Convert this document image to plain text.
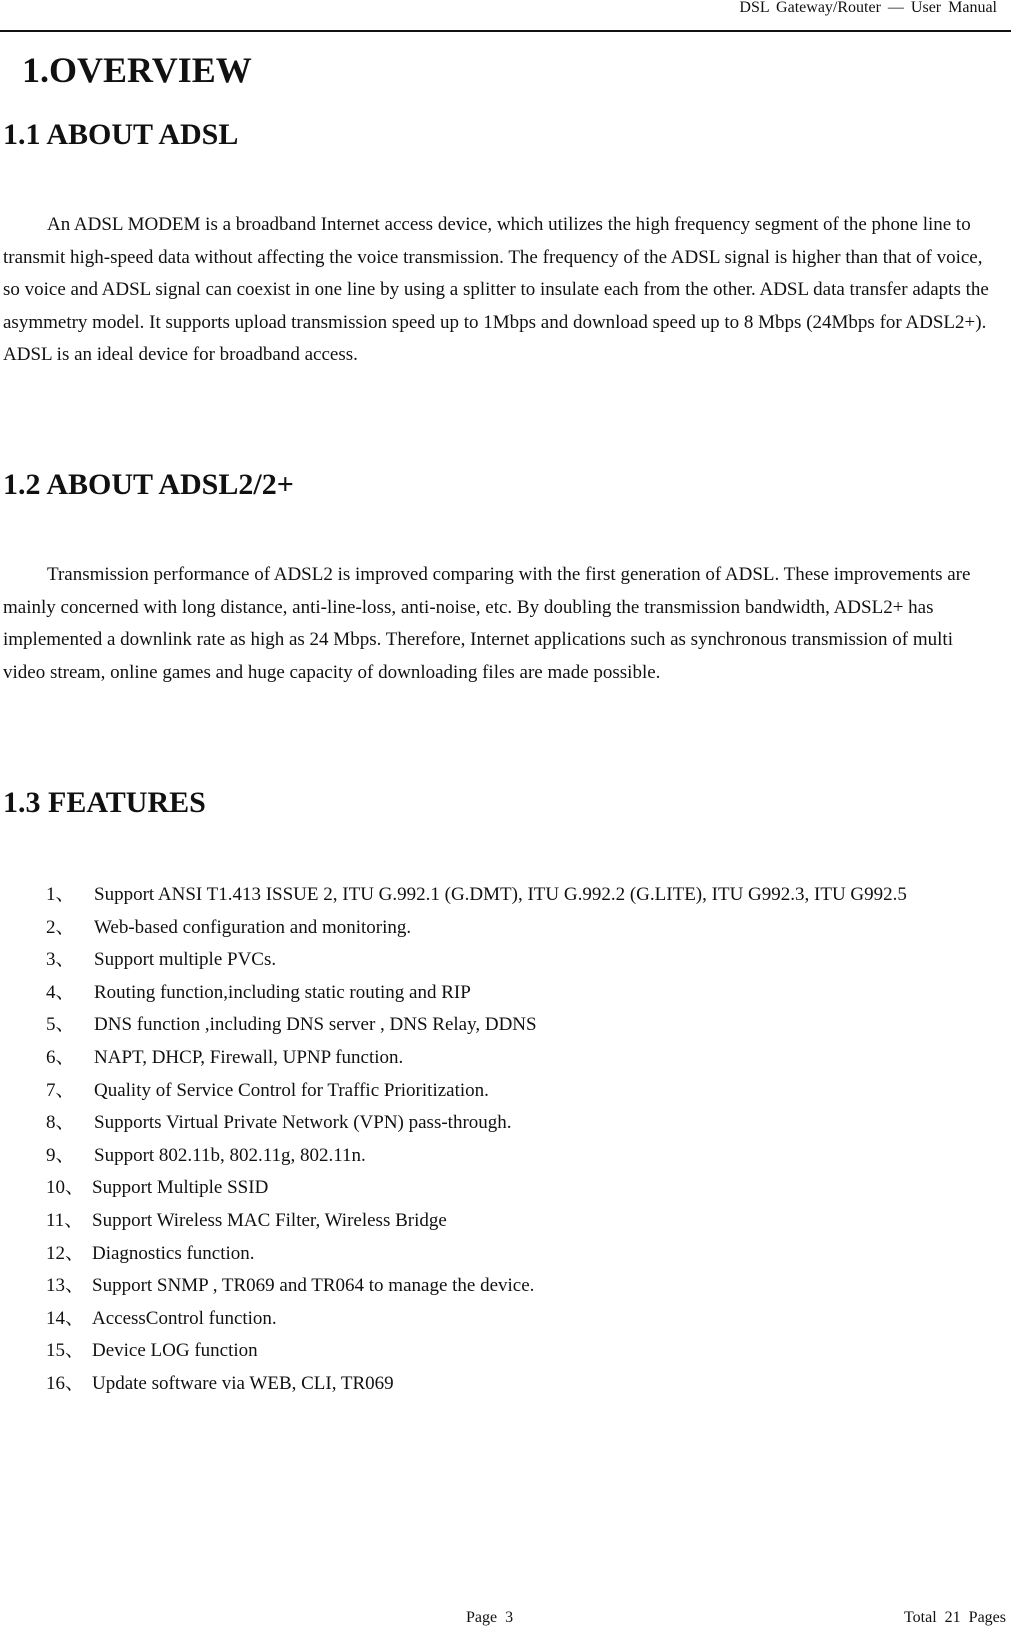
DSL Gateway/Router — User Manual
1.OVERVIEW
1.1 ABOUT ADSL

An ADSL MODEM is a broadband Internet access device, which utilizes the high frequency segment of the phone line to transmit high-speed data without affecting the voice transmission. The frequency of the ADSL signal is higher than that of voice, so voice and ADSL signal can coexist in one line by using a splitter to insulate each from the other. ADSL data transfer adapts the asymmetry model. It supports upload transmission speed up to 1Mbps and download speed up to 8 Mbps (24Mbps for ADSL2+). ADSL is an ideal device for broadband access.

1.2 ABOUT ADSL2/2+

Transmission performance of ADSL2 is improved comparing with the first generation of ADSL. These improvements are mainly concerned with long distance, anti-line-loss, anti-noise, etc. By doubling the transmission bandwidth, ADSL2+ has implemented a downlink rate as high as 24 Mbps. Therefore, Internet applications such as synchronous transmission of multi video stream, online games and huge capacity of downloading files are made possible.

1.3 FEATURES
1、 Support ANSI T1.413 ISSUE 2, ITU G.992.1 (G.DMT), ITU G.992.2 (G.LITE), ITU G992.3, ITU G992.5
2、 Web-based configuration and monitoring.
3、 Support multiple PVCs.
4、 Routing function,including static routing and RIP
5、 DNS function ,including DNS server , DNS Relay, DDNS
6、 NAPT, DHCP, Firewall, UPNP function.
7、 Quality of Service Control for Traffic Prioritization.
8、 Supports Virtual Private Network (VPN) pass-through.
9、 Support 802.11b, 802.11g, 802.11n.
10、 Support Multiple SSID
11、 Support Wireless MAC Filter, Wireless Bridge
12、 Diagnostics function.
13、 Support SNMP , TR069 and TR064 to manage the device.
14、 AccessControl function.
15、 Device LOG function
16、 Update software via WEB, CLI, TR069
Page 3	Total 21 Pages
